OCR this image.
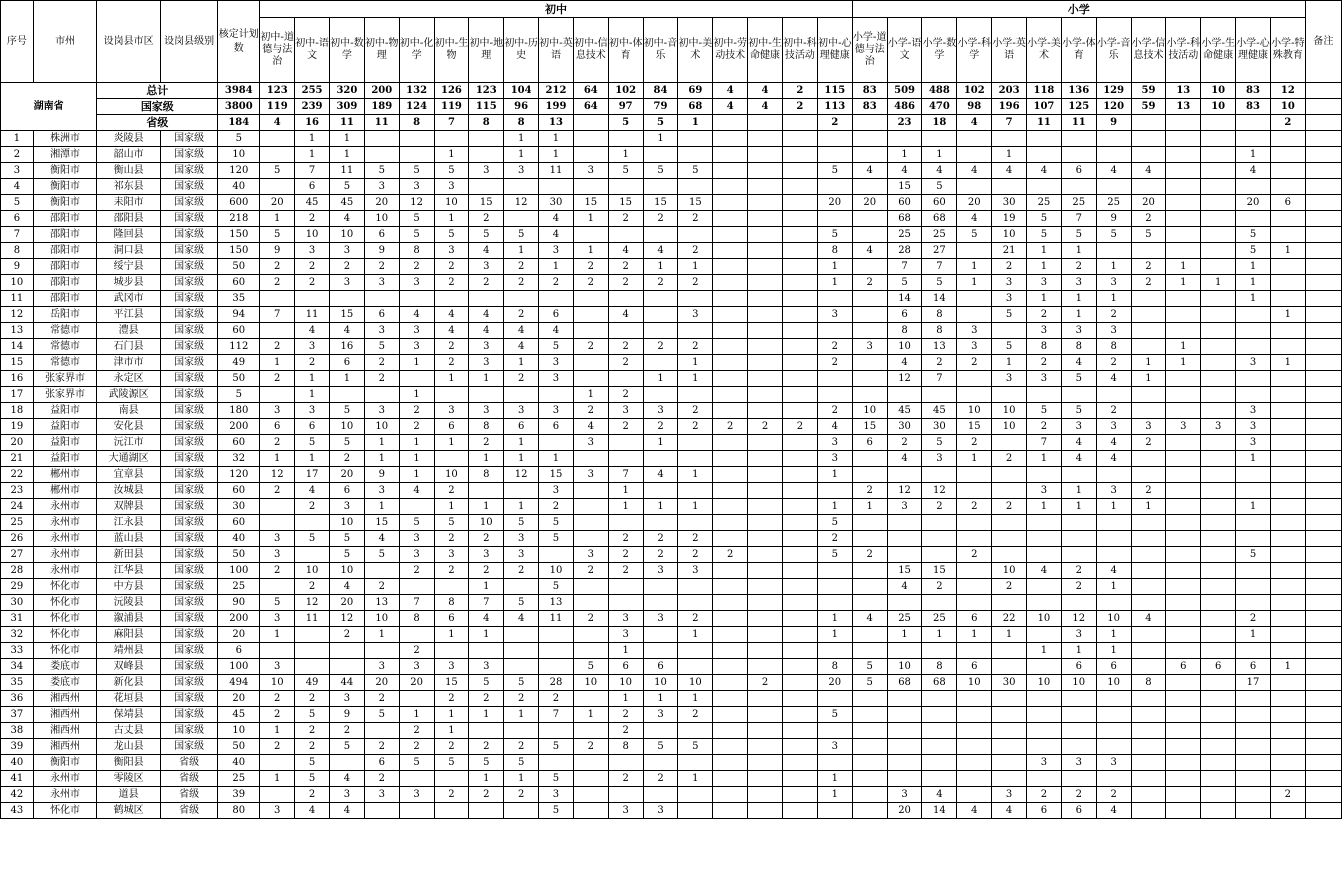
序号	市州	设岗县市区	设岗县级别	核定计划数	初中																	小学													备注
					初中-道德与法治	初中-语文	初中-数学	初中-物理	初中-化学	初中-生物	初中-地理	初中-历史	初中-英语	初中-信息技术	初中-体育	初中-音乐	初中-美术	初中-劳动技术	初中-生命健康	初中-科技活动	初中-心理健康	小学-道德与法治	小学-语文	小学-数学	小学-科学	小学-英语	小学-美术	小学-体育	小学-音乐	小学-信息技术	小学-科技活动	小学-生命健康	小学-心理健康	小学-特殊教育	
湖南省		总计		3984	123	255	320	200	132	126	123	104	212	64	102	84	69	4	4	2	115	83	509	488	102	203	118	136	129	59	13	10	83	12	
		国家级		3800	119	239	309	189	124	119	115	96	199	64	97	79	68	4	4	2	113	83	486	470	98	196	107	125	120	59	13	10	83	10	
		省级		184	4	16	11	11	8	7	8	8	13		5	5	1				2		23	18	4	7	11	11	9					2	
1	株洲市	炎陵县	国家级	5		1	1					1	1			1																			
2	湘潭市	韶山市	国家级	10		1	1			1		1	1		1								1	1		1							1		
3	衡阳市	衡山县	国家级	120	5	7	11	5	5	5	3	3	11	3	5	5	5				5	4	4	4	4	4	4	6	4	4			4		
4	衡阳市	祁东县	国家级	40		6	5	3	3	3													15	5											
5	衡阳市	耒阳市	国家级	600	20	45	45	20	12	10	15	12	30	15	15	15	15				20	20	60	60	20	30	25	25	25	20			20	6	
6	邵阳市	邵阳县	国家级	218	1	2	4	10	5	1	2		4	1	2	2	2						68	68	4	19	5	7	9	2					
7	邵阳市	隆回县	国家级	150	5	10	10	6	5	5	5	5	4								5		25	25	5	10	5	5	5	5			5		
8	邵阳市	洞口县	国家级	150	9	3	3	9	8	3	4	1	3	1	4	4	2				8	4	28	27		21	1	1					5	1	
9	邵阳市	绥宁县	国家级	50	2	2	2	2	2	2	3	2	1	2	2	1	1				1		7	7	1	2	1	2	1	2	1		1		
10	邵阳市	城步县	国家级	60	2	2	3	3	3	2	2	2	2	2	2	2	2				1	2	5	5	1	3	3	3	3	2	1	1	1		
11	邵阳市	武冈市	国家级	35																			14	14		3	1	1	1				1		
12	岳阳市	平江县	国家级	94	7	11	15	6	4	4	4	2	6		4		3				3		6	8		5	2	1	2					1	
13	常德市	澧县	国家级	60		4	4	3	3	4	4	4	4										8	8	3		3	3	3						
14	常德市	石门县	国家级	112	2	3	16	5	3	2	3	4	5	2	2	2	2				2	3	10	13	3	5	8	8	8		1				
15	常德市	津市市	国家级	49	1	2	6	2	1	2	3	1	3		2		1				2		4	2	2	1	2	4	2	1	1		3	1	
16	张家界市	永定区	国家级	50	2	1	1	2		1	1	2	3			1	1						12	7		3	3	5	4	1					
17	张家界市	武陵源区	国家级	5		1			1					1	2																				
18	益阳市	南县	国家级	180	3	3	5	3	2	3	3	3	3	2	3	3	2				2	10	45	45	10	10	5	5	2				3		
19	益阳市	安化县	国家级	200	6	6	10	10	2	6	8	6	6	4	2	2	2	2	2	2	4	15	30	30	15	10	2	3	3	3	3	3	3		
20	益阳市	沅江市	国家级	60	2	5	5	1	1	1	2	1		3		1					3	6	2	5	2		7	4	4	2			3		
21	益阳市	大通湖区	国家级	32	1	1	2	1	1		1	1	1								3		4	3	1	2	1	4	4				1		
22	郴州市	宜章县	国家级	120	12	17	20	9	1	10	8	12	15	3	7	4	1				1														
23	郴州市	汝城县	国家级	60	2	4	6	3	4	2			3		1							2	12	12			3	1	3	2					
24	永州市	双牌县	国家级	30		2	3	1		1	1	1	2		1	1	1				1	1	3	2	2	2	1	1	1	1			1		
25	永州市	江永县	国家级	60			10	15	5	5	10	5	5								5														
26	永州市	蓝山县	国家级	40	3	5	5	4	3	2	2	3	5		2	2	2				2														
27	永州市	新田县	国家级	50	3		5	5	3	3	3	3		3	2	2	2	2			5	2			2								5		
28	永州市	江华县	国家级	100	2	10	10		2	2	2	2	10	2	2	3	3						15	15		10	4	2	4						
29	怀化市	中方县	国家级	25		2	4	2			1		5										4	2		2		2	1						
30	怀化市	沅陵县	国家级	90	5	12	20	13	7	8	7	5	13																						
31	怀化市	溆浦县	国家级	200	3	11	12	10	8	6	4	4	11	2	3	3	2				1	4	25	25	6	22	10	12	10	4			2		
32	怀化市	麻阳县	国家级	20	1		2	1		1	1				3		1				1		1	1	1	1		3	1				1		
33	怀化市	靖州县	国家级	6					2						1												1	1	1						
34	娄底市	双峰县	国家级	100	3			3	3	3	3			5	6	6					8	5	10	8	6			6	6		6	6	6	1	
35	娄底市	新化县	国家级	494	10	49	44	20	20	15	5	5	28	10	10	10	10		2		20	5	68	68	10	30	10	10	10	8			17		
36	湘西州	花垣县	国家级	20	2	2	3	2		2	2	2	2		1	1	1																		
37	湘西州	保靖县	国家级	45	2	5	9	5	1	1	1	1	7	1	2	3	2				5														
38	湘西州	古丈县	国家级	10	1	2	2		2	1					2																				
39	湘西州	龙山县	国家级	50	2	2	5	2	2	2	2	2	5	2	8	5	5				3														
40	衡阳市	衡阳县	省级	40		5		6	5	5	5	5															3	3	3						
41	永州市	零陵区	省级	25	1	5	4	2			1	1	5		2	2	1				1														
42	永州市	道县	省级	39		2	3	3	3	2	2	2	3								1		3	4		3	2	2	2					2	
43	怀化市	鹤城区	省级	80	3	4	4						5		3	3							20	14	4	4	6	6	4						
